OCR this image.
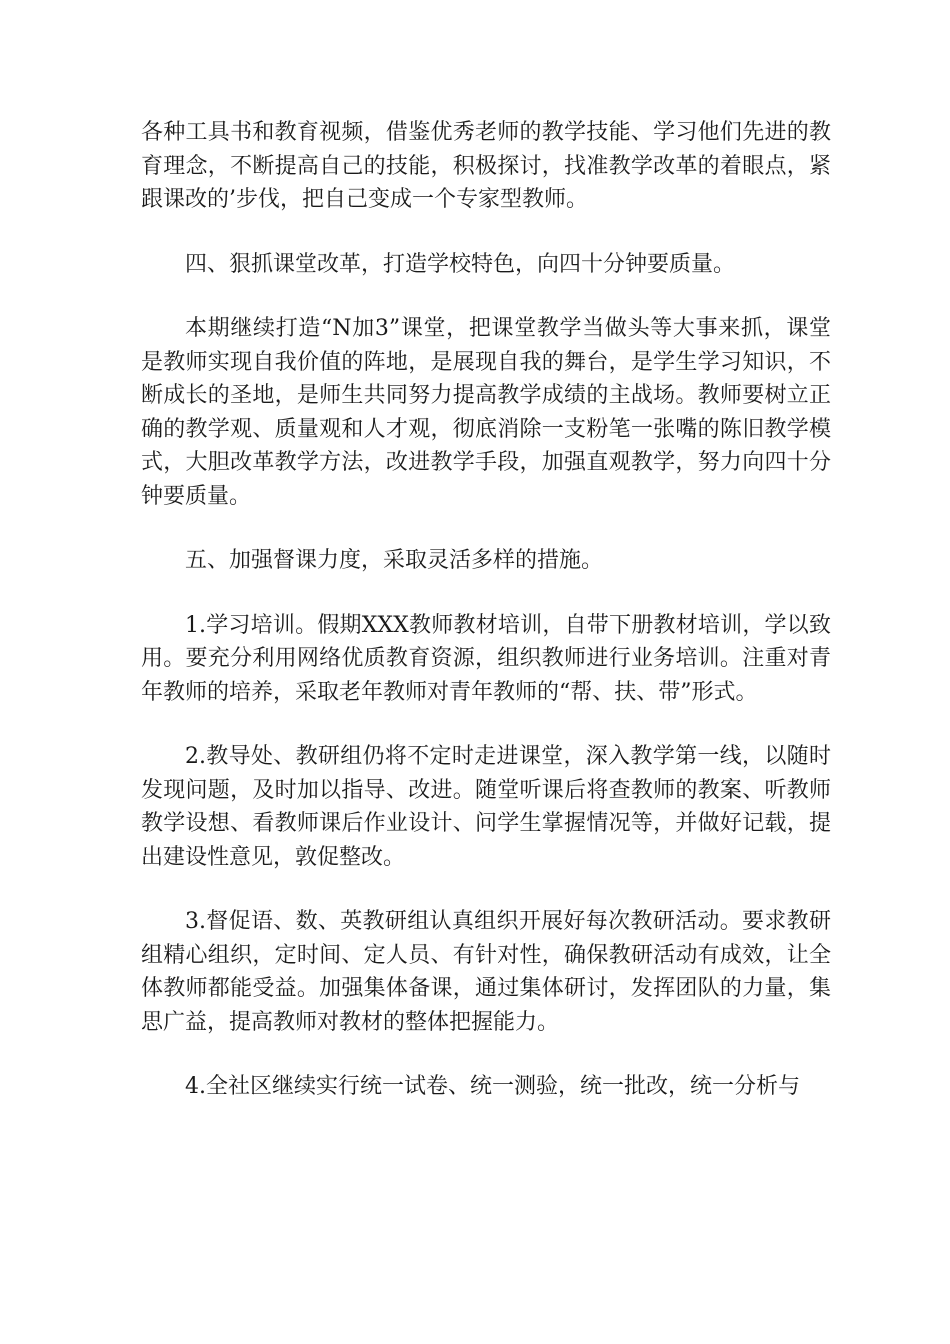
各种工具书和教育视频，借鉴优秀老师的教学技能、学习他们先进的教育理念，不断提高自己的技能，积极探讨，找准教学改革的着眼点，紧跟课改的’步伐，把自己变成一个专家型教师。

四、狠抓课堂改革，打造学校特色，向四十分钟要质量。

本期继续打造“N加3”课堂，把课堂教学当做头等大事来抓，课堂是教师实现自我价值的阵地，是展现自我的舞台，是学生学习知识，不断成长的圣地，是师生共同努力提高教学成绩的主战场。教师要树立正确的教学观、质量观和人才观，彻底消除一支粉笔一张嘴的陈旧教学模式，大胆改革教学方法，改进教学手段，加强直观教学，努力向四十分钟要质量。

五、加强督课力度，采取灵活多样的措施。

1.学习培训。假期XXX教师教材培训，自带下册教材培训，学以致用。要充分利用网络优质教育资源，组织教师进行业务培训。注重对青年教师的培养，采取老年教师对青年教师的“帮、扶、带”形式。

2.教导处、教研组仍将不定时走进课堂，深入教学第一线，以随时发现问题，及时加以指导、改进。随堂听课后将查教师的教案、听教师教学设想、看教师课后作业设计、问学生掌握情况等，并做好记载，提出建设性意见，敦促整改。

3.督促语、数、英教研组认真组织开展好每次教研活动。要求教研组精心组织，定时间、定人员、有针对性，确保教研活动有成效，让全体教师都能受益。加强集体备课，通过集体研讨，发挥团队的力量，集思广益，提高教师对教材的整体把握能力。

4.全社区继续实行统一试卷、统一测验，统一批改，统一分析与
